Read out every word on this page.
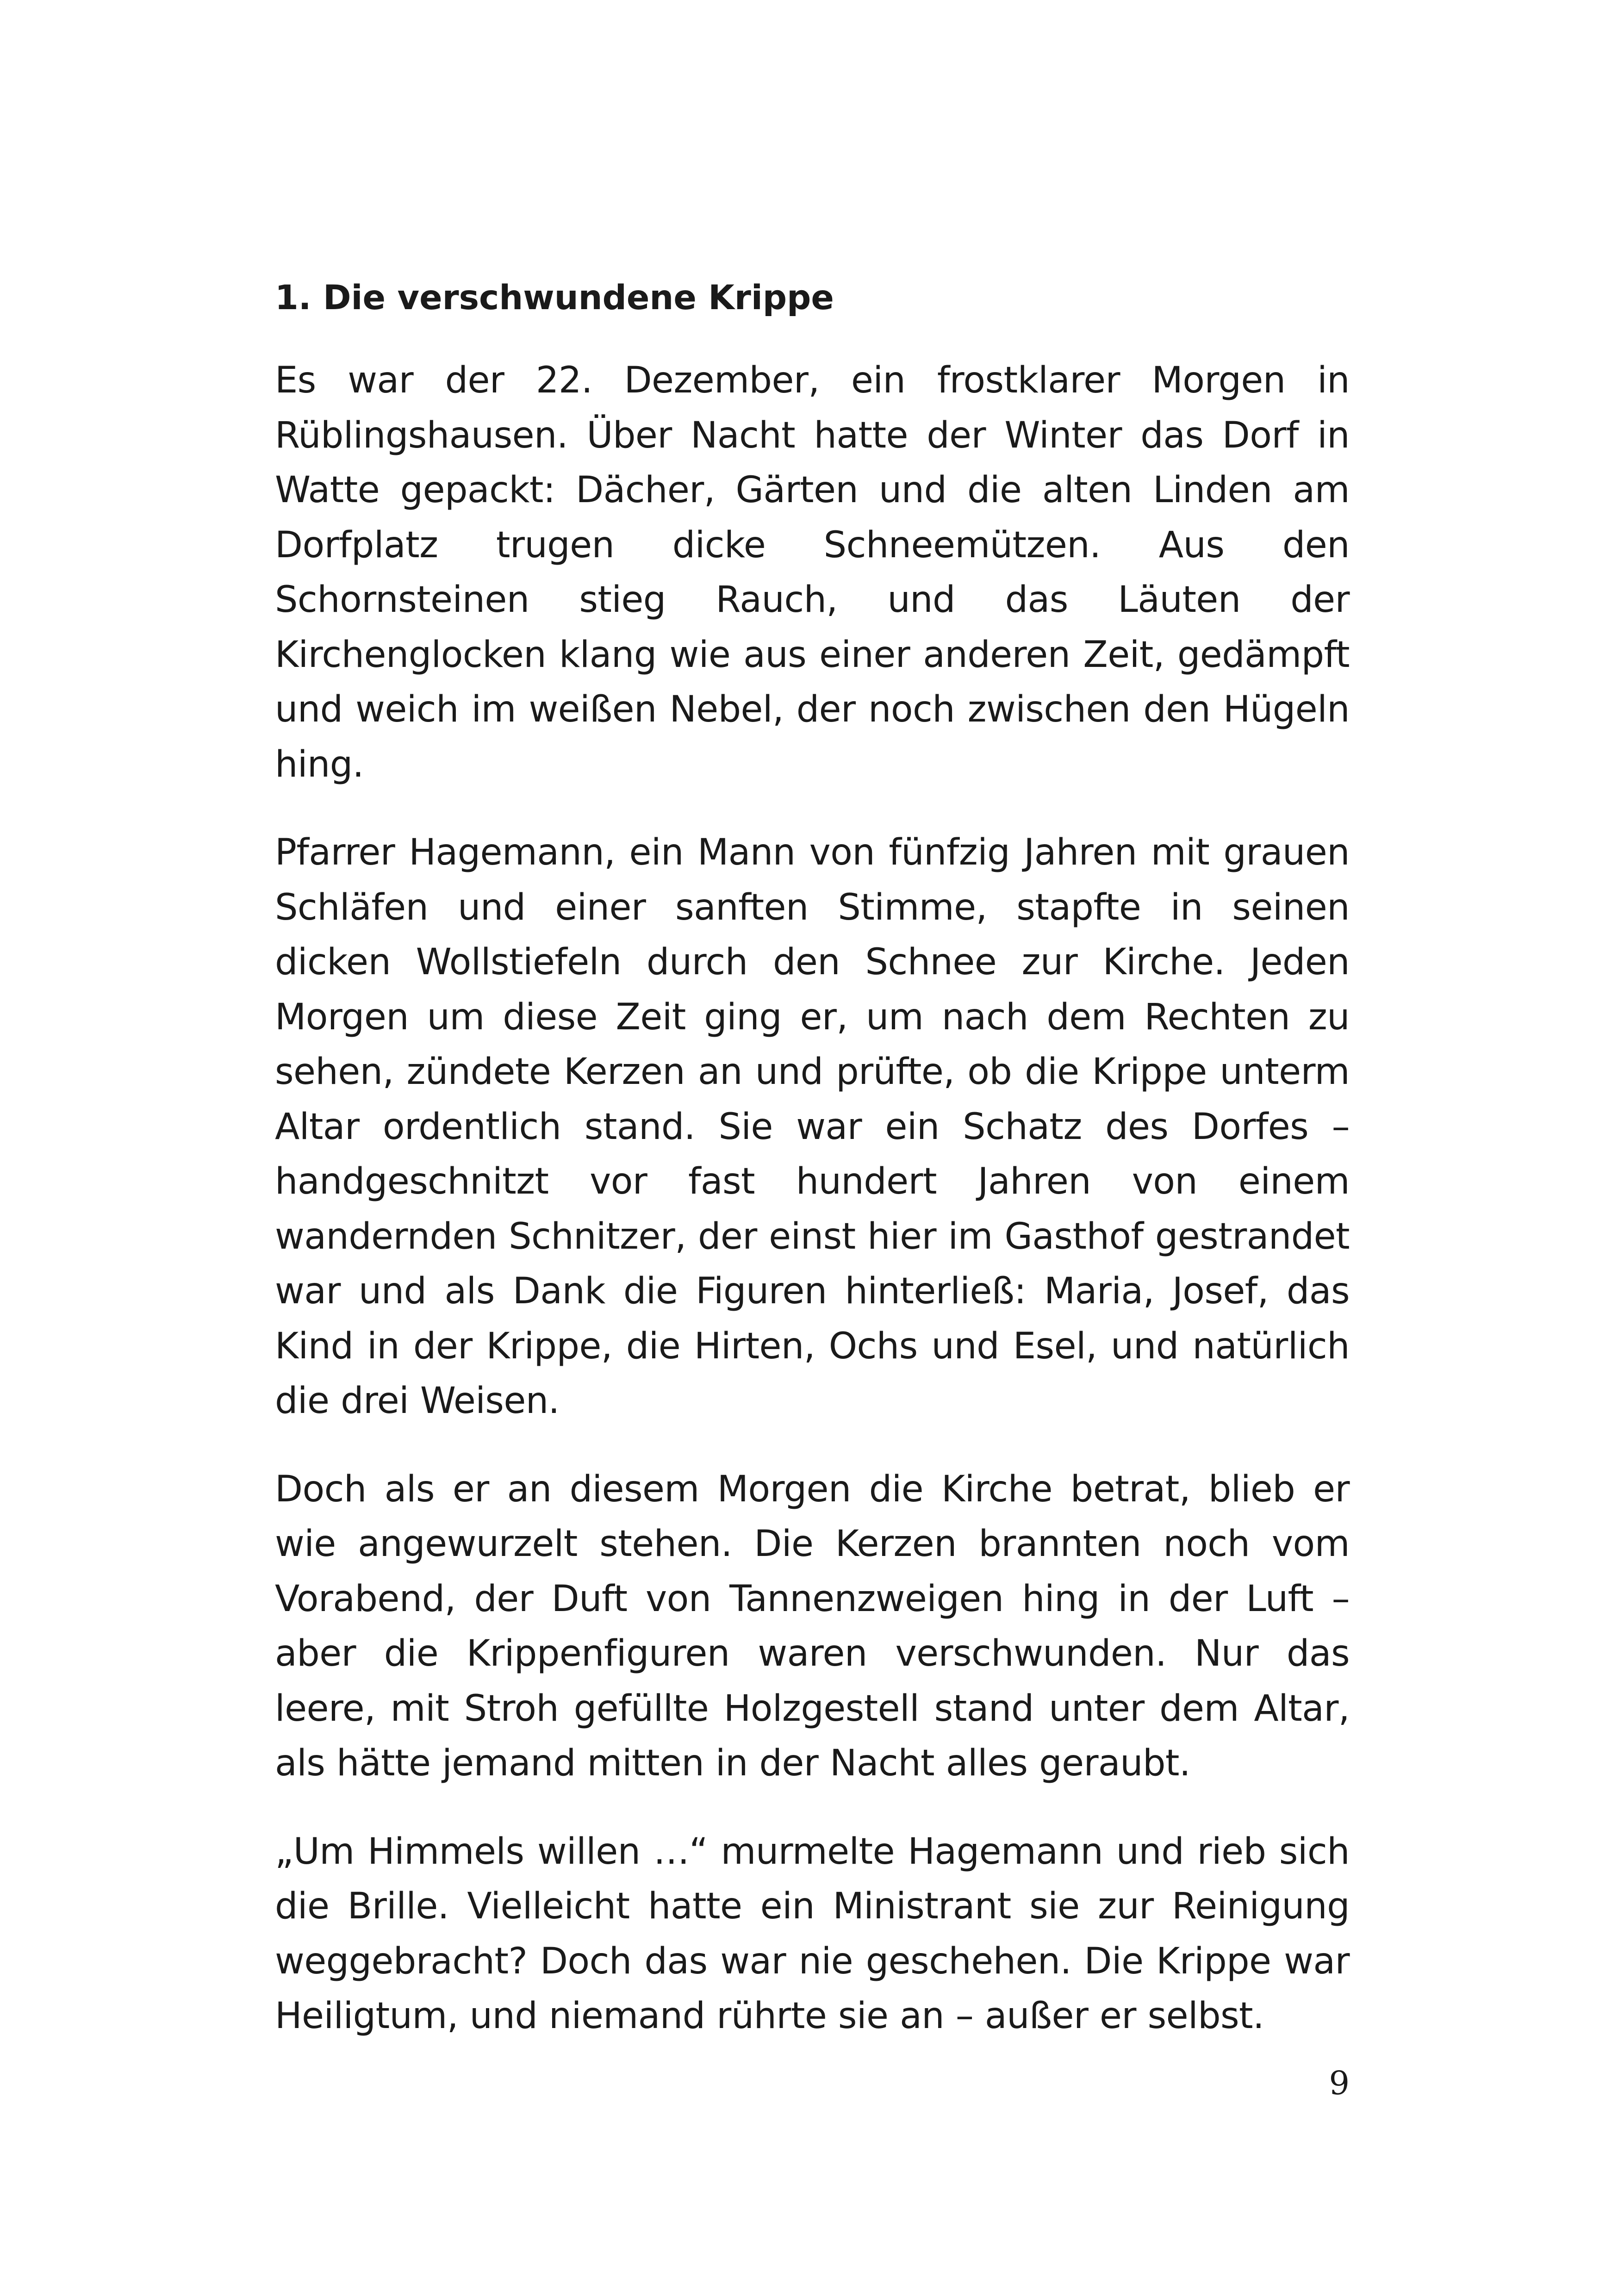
1. Die verschwundene Krippe

Es war der 22. Dezember, ein frostklarer Morgen in Rüblingshausen. Über Nacht hatte der Winter das Dorf in Watte gepackt: Dächer, Gärten und die alten Linden am Dorfplatz trugen dicke Schneemützen. Aus den Schornsteinen stieg Rauch, und das Läuten der Kirchenglocken klang wie aus einer anderen Zeit, gedämpft und weich im weißen Nebel, der noch zwischen den Hügeln hing.

Pfarrer Hagemann, ein Mann von fünfzig Jahren mit grauen Schläfen und einer sanften Stimme, stapfte in seinen dicken Wollstiefeln durch den Schnee zur Kirche. Jeden Morgen um diese Zeit ging er, um nach dem Rechten zu sehen, zündete Kerzen an und prüfte, ob die Krippe unterm Altar ordentlich stand. Sie war ein Schatz des Dorfes – handgeschnitzt vor fast hundert Jahren von einem wandernden Schnitzer, der einst hier im Gasthof gestrandet war und als Dank die Figuren hinterließ: Maria, Josef, das Kind in der Krippe, die Hirten, Ochs und Esel, und natürlich die drei Weisen.

Doch als er an diesem Morgen die Kirche betrat, blieb er wie angewurzelt stehen. Die Kerzen brannten noch vom Vorabend, der Duft von Tannenzweigen hing in der Luft – aber die Krippenfiguren waren verschwunden. Nur das leere, mit Stroh gefüllte Holzgestell stand unter dem Altar, als hätte jemand mitten in der Nacht alles geraubt.

„Um Himmels willen …“ murmelte Hagemann und rieb sich die Brille. Vielleicht hatte ein Ministrant sie zur Reinigung weggebracht? Doch das war nie geschehen. Die Krippe war Heiligtum, und niemand rührte sie an – außer er selbst.

9
